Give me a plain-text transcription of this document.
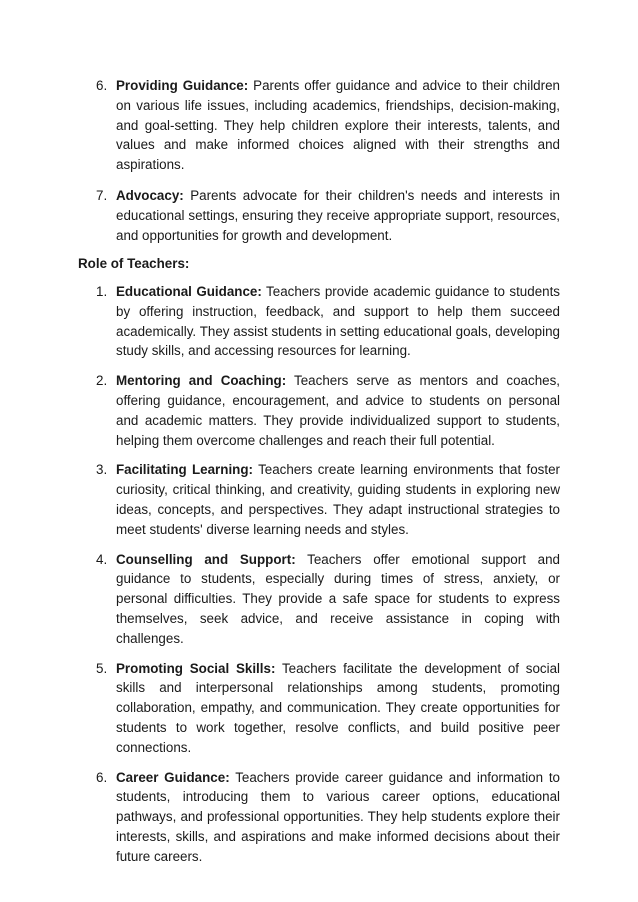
6. Providing Guidance: Parents offer guidance and advice to their children on various life issues, including academics, friendships, decision-making, and goal-setting. They help children explore their interests, talents, and values and make informed choices aligned with their strengths and aspirations.
7. Advocacy: Parents advocate for their children's needs and interests in educational settings, ensuring they receive appropriate support, resources, and opportunities for growth and development.

Role of Teachers:

1. Educational Guidance: Teachers provide academic guidance to students by offering instruction, feedback, and support to help them succeed academically. They assist students in setting educational goals, developing study skills, and accessing resources for learning.
2. Mentoring and Coaching: Teachers serve as mentors and coaches, offering guidance, encouragement, and advice to students on personal and academic matters. They provide individualized support to students, helping them overcome challenges and reach their full potential.
3. Facilitating Learning: Teachers create learning environments that foster curiosity, critical thinking, and creativity, guiding students in exploring new ideas, concepts, and perspectives. They adapt instructional strategies to meet students' diverse learning needs and styles.
4. Counselling and Support: Teachers offer emotional support and guidance to students, especially during times of stress, anxiety, or personal difficulties. They provide a safe space for students to express themselves, seek advice, and receive assistance in coping with challenges.
5. Promoting Social Skills: Teachers facilitate the development of social skills and interpersonal relationships among students, promoting collaboration, empathy, and communication. They create opportunities for students to work together, resolve conflicts, and build positive peer connections.
6. Career Guidance: Teachers provide career guidance and information to students, introducing them to various career options, educational pathways, and professional opportunities. They help students explore their interests, skills, and aspirations and make informed decisions about their future careers.
